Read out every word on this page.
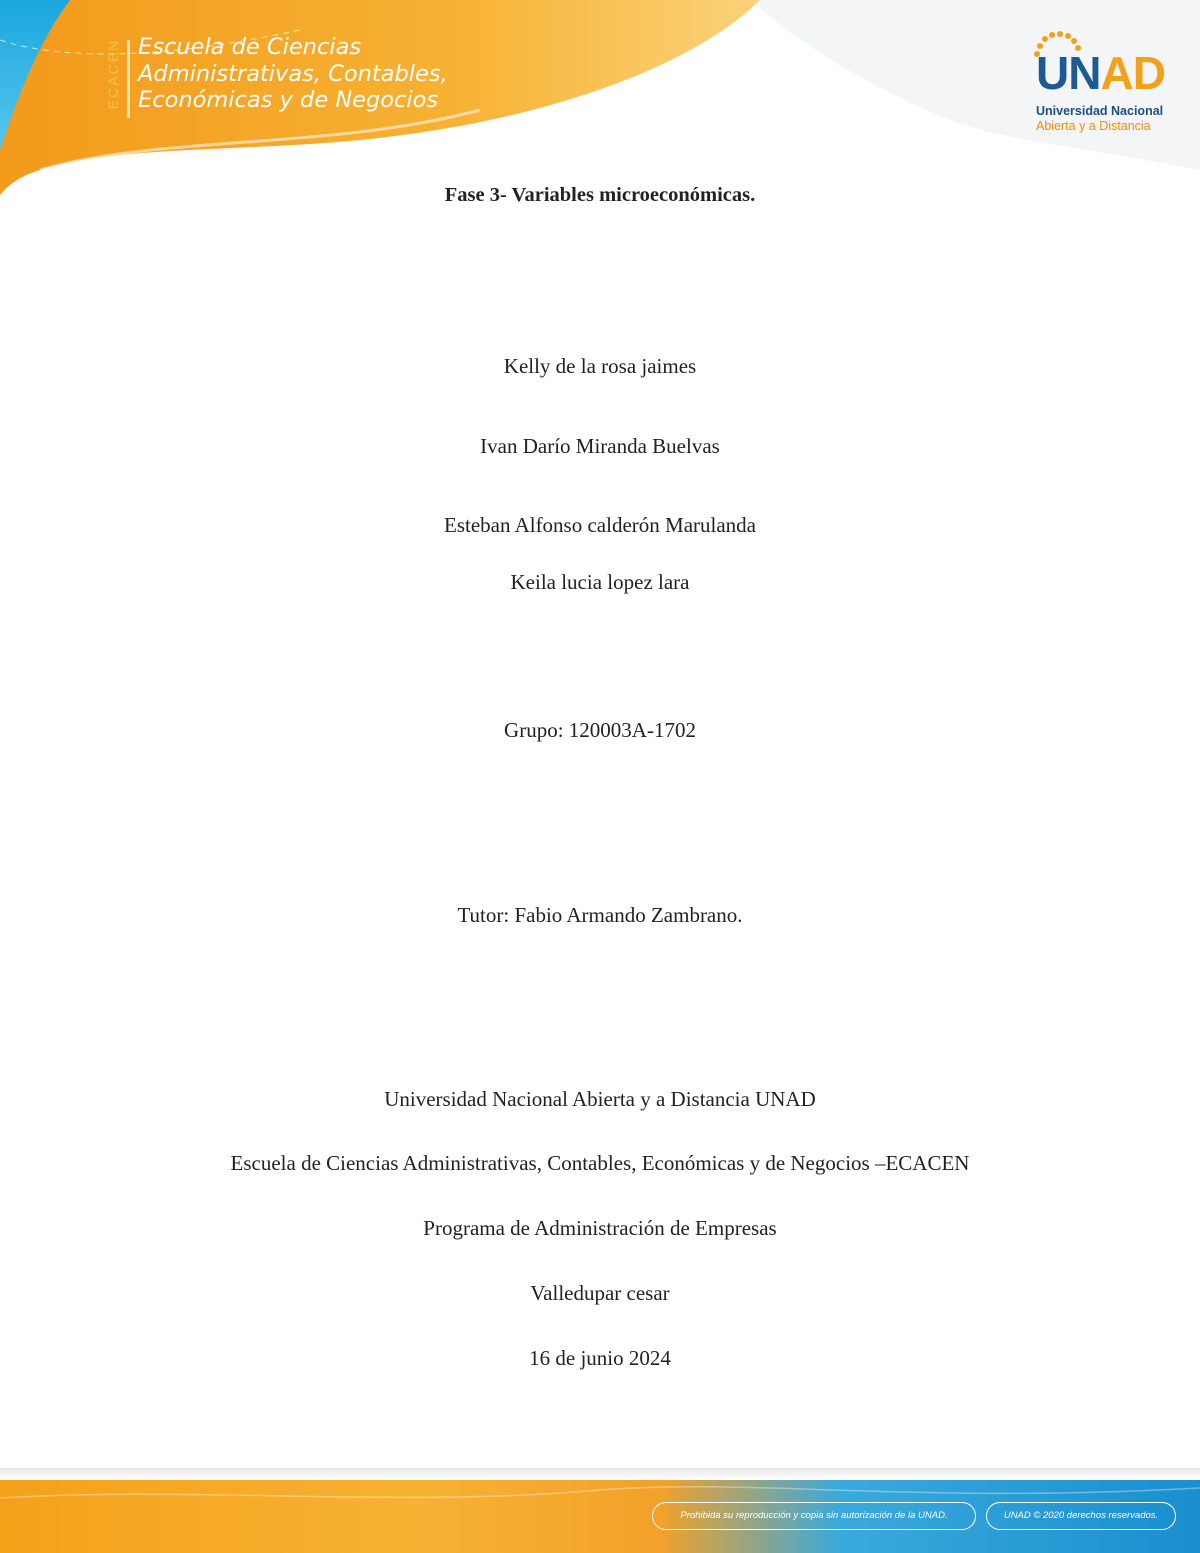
ECACEN Escuela de Ciencias
Administrativas, Contables,
Económicas y de Negocios
UNAD
Universidad Nacional
Abierta y a Distancia
Fase 3- Variables microeconómicas.
Kelly de la rosa jaimes
Ivan Darío Miranda Buelvas
Esteban Alfonso calderón Marulanda
Keila lucia lopez lara
Grupo: 120003A-1702
Tutor: Fabio Armando Zambrano.
Universidad Nacional Abierta y a Distancia UNAD
Escuela de Ciencias Administrativas, Contables, Económicas y de Negocios –ECACEN
Programa de Administración de Empresas
Valledupar cesar
16 de junio 2024
Prohibida su reproducción y copia sin autorización de la UNAD.	UNAD © 2020 derechos reservados.
